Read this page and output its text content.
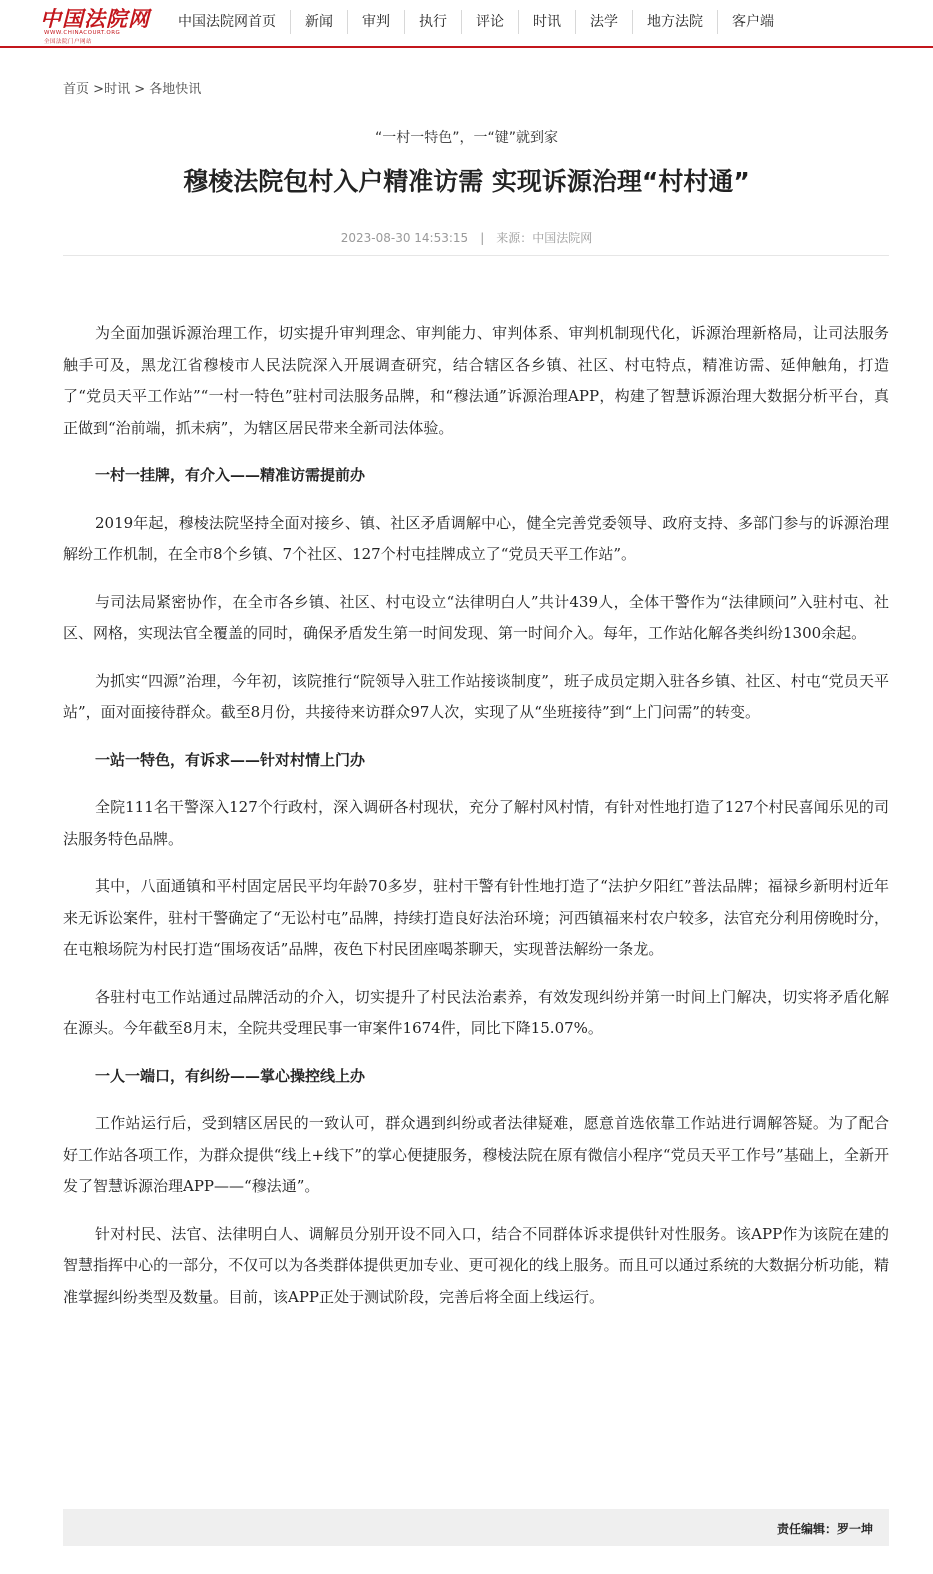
中国法院网
WWW.CHINACOURT.ORG
全国法院门户网站
中国法院网首页	新闻	审判	执行	评论	时讯	法学	地方法院	客户端
首页 >时讯 > 各地快讯
“一村一特色”，一“键”就到家
穆棱法院包村入户精准访需 实现诉源治理“村村通”
2023-08-30 14:53:15 | 来源：中国法院网

为全面加强诉源治理工作，切实提升审判理念、审判能力、审判体系、审判机制现代化，诉源治理新格局，让司法服务触手可及，黑龙江省穆棱市人民法院深入开展调查研究，结合辖区各乡镇、社区、村屯特点，精准访需、延伸触角，打造了“党员天平工作站”“一村一特色”驻村司法服务品牌，和“穆法通”诉源治理APP，构建了智慧诉源治理大数据分析平台，真正做到“治前端，抓未病”，为辖区居民带来全新司法体验。

一村一挂牌，有介入——精准访需提前办

2019年起，穆棱法院坚持全面对接乡、镇、社区矛盾调解中心，健全完善党委领导、政府支持、多部门参与的诉源治理解纷工作机制，在全市8个乡镇、7个社区、127个村屯挂牌成立了“党员天平工作站”。

与司法局紧密协作，在全市各乡镇、社区、村屯设立“法律明白人”共计439人，全体干警作为“法律顾问”入驻村屯、社区、网格，实现法官全覆盖的同时，确保矛盾发生第一时间发现、第一时间介入。每年，工作站化解各类纠纷1300余起。

为抓实“四源”治理，今年初，该院推行“院领导入驻工作站接谈制度”，班子成员定期入驻各乡镇、社区、村屯“党员天平站”，面对面接待群众。截至8月份，共接待来访群众97人次，实现了从“坐班接待”到“上门问需”的转变。

一站一特色，有诉求——针对村情上门办

全院111名干警深入127个行政村，深入调研各村现状，充分了解村风村情，有针对性地打造了127个村民喜闻乐见的司法服务特色品牌。

其中，八面通镇和平村固定居民平均年龄70多岁，驻村干警有针性地打造了“法护夕阳红”普法品牌；福禄乡新明村近年来无诉讼案件，驻村干警确定了“无讼村屯”品牌，持续打造良好法治环境；河西镇福来村农户较多，法官充分利用傍晚时分，在屯粮场院为村民打造“围场夜话”品牌，夜色下村民团座喝茶聊天，实现普法解纷一条龙。

各驻村屯工作站通过品牌活动的介入，切实提升了村民法治素养，有效发现纠纷并第一时间上门解决，切实将矛盾化解在源头。今年截至8月末，全院共受理民事一审案件1674件，同比下降15.07%。

一人一端口，有纠纷——掌心操控线上办

工作站运行后，受到辖区居民的一致认可，群众遇到纠纷或者法律疑难，愿意首选依靠工作站进行调解答疑。为了配合好工作站各项工作，为群众提供“线上+线下”的掌心便捷服务，穆棱法院在原有微信小程序“党员天平工作号”基础上，全新开发了智慧诉源治理APP——“穆法通”。

针对村民、法官、法律明白人、调解员分别开设不同入口，结合不同群体诉求提供针对性服务。该APP作为该院在建的智慧指挥中心的一部分，不仅可以为各类群体提供更加专业、更可视化的线上服务。而且可以通过系统的大数据分析功能，精准掌握纠纷类型及数量。目前，该APP正处于测试阶段，完善后将全面上线运行。

责任编辑：罗一坤
